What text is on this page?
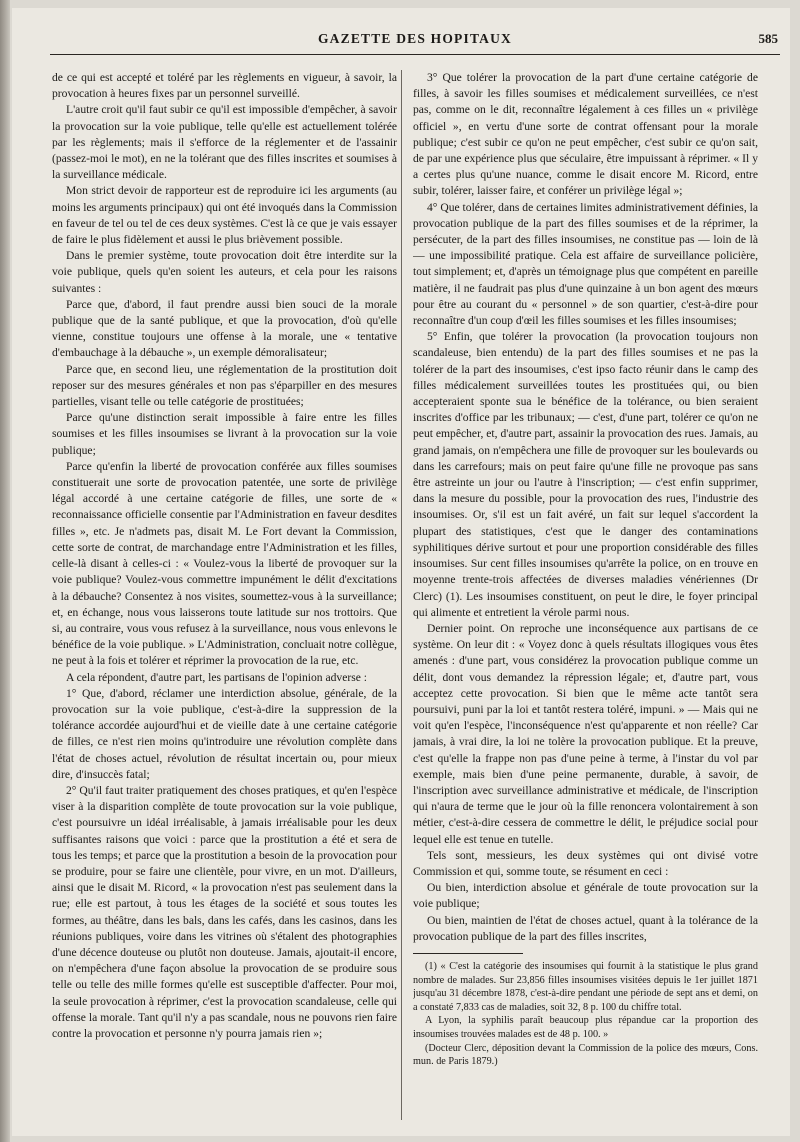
GAZETTE DES HOPITAUX	585

de ce qui est accepté et toléré par les règlements en vigueur, à savoir, la provocation à heures fixes par un personnel surveillé.

L'autre croit qu'il faut subir ce qu'il est impossible d'empêcher, à savoir la provocation sur la voie publique, telle qu'elle est actuellement tolérée par les règlements; mais il s'efforce de la réglementer et de l'assainir (passez-moi le mot), en ne la tolérant que des filles inscrites et soumises à la surveillance médicale.

Mon strict devoir de rapporteur est de reproduire ici les arguments (au moins les arguments principaux) qui ont été invoqués dans la Commission en faveur de tel ou tel de ces deux systèmes. C'est là ce que je vais essayer de faire le plus fidèlement et aussi le plus brièvement possible.

Dans le premier système, toute provocation doit être interdite sur la voie publique, quels qu'en soient les auteurs, et cela pour les raisons suivantes :

Parce que, d'abord, il faut prendre aussi bien souci de la morale publique que de la santé publique, et que la provocation, d'où qu'elle vienne, constitue toujours une offense à la morale, une « tentative d'embauchage à la débauche », un exemple démoralisateur;

Parce que, en second lieu, une réglementation de la prostitution doit reposer sur des mesures générales et non pas s'éparpiller en des mesures partielles, visant telle ou telle catégorie de prostituées;

Parce qu'une distinction serait impossible à faire entre les filles soumises et les filles insoumises se livrant à la provocation sur la voie publique;

Parce qu'enfin la liberté de provocation conférée aux filles soumises constituerait une sorte de provocation patentée, une sorte de privilège légal accordé à une certaine catégorie de filles, une sorte de « reconnaissance officielle consentie par l'Administration en faveur desdites filles », etc. Je n'admets pas, disait M. Le Fort devant la Commission, cette sorte de contrat, de marchandage entre l'Administration et les filles, celle-là disant à celles-ci : « Voulez-vous la liberté de provoquer sur la voie publique? Voulez-vous commettre impunément le délit d'excitations à la débauche? Consentez à nos visites, soumettez-vous à la surveillance; et, en échange, nous vous laisserons toute latitude sur nos trottoirs. Que si, au contraire, vous vous refusez à la surveillance, nous vous enlevons le bénéfice de la voie publique. » L'Administration, concluait notre collègue, ne peut à la fois et tolérer et réprimer la provocation de la rue, etc.

A cela répondent, d'autre part, les partisans de l'opinion adverse :

1° Que, d'abord, réclamer une interdiction absolue, générale, de la provocation sur la voie publique, c'est-à-dire la suppression de la tolérance accordée aujourd'hui et de vieille date à une certaine catégorie de filles, ce n'est rien moins qu'introduire une révolution complète dans l'état de choses actuel, révolution de résultat incertain ou, pour mieux dire, d'insuccès fatal;

2° Qu'il faut traiter pratiquement des choses pratiques, et qu'en l'espèce viser à la disparition complète de toute provocation sur la voie publique, c'est poursuivre un idéal irréalisable, à jamais irréalisable pour les deux suffisantes raisons que voici : parce que la prostitution a été et sera de tous les temps; et parce que la prostitution a besoin de la provocation pour se produire, pour se faire une clientèle, pour vivre, en un mot. D'ailleurs, ainsi que le disait M. Ricord, « la provocation n'est pas seulement dans la rue; elle est partout, à tous les étages de la société et sous toutes les formes, au théâtre, dans les bals, dans les cafés, dans les casinos, dans les réunions publiques, voire dans les vitrines où s'étalent des photographies d'une décence douteuse ou plutôt non douteuse. Jamais, ajoutait-il encore, on n'empêchera d'une façon absolue la provocation de se produire sous telle ou telle des mille formes qu'elle est susceptible d'affecter. Pour moi, la seule provocation à réprimer, c'est la provocation scandaleuse, celle qui offense la morale. Tant qu'il n'y a pas scandale, nous ne pouvons rien faire contre la provocation et personne n'y pourra jamais rien »;

3° Que tolérer la provocation de la part d'une certaine catégorie de filles, à savoir les filles soumises et médicalement surveillées, ce n'est pas, comme on le dit, reconnaître légalement à ces filles un « privilège officiel », en vertu d'une sorte de contrat offensant pour la morale publique; c'est subir ce qu'on ne peut empêcher, c'est subir ce qu'on sait, de par une expérience plus que séculaire, être impuissant à réprimer. « Il y a certes plus qu'une nuance, comme le disait encore M. Ricord, entre subir, tolérer, laisser faire, et conférer un privilège légal »;

4° Que tolérer, dans de certaines limites administrativement définies, la provocation publique de la part des filles soumises et de la réprimer, la persécuter, de la part des filles insoumises, ne constitue pas — loin de là — une impossibilité pratique. Cela est affaire de surveillance policière, tout simplement; et, d'après un témoignage plus que compétent en pareille matière, il ne faudrait pas plus d'une quinzaine à un bon agent des mœurs pour être au courant du « personnel » de son quartier, c'est-à-dire pour reconnaître d'un coup d'œil les filles soumises et les filles insoumises;

5° Enfin, que tolérer la provocation (la provocation toujours non scandaleuse, bien entendu) de la part des filles soumises et ne pas la tolérer de la part des insoumises, c'est ipso facto réunir dans le camp des filles médicalement surveillées toutes les prostituées qui, ou bien accepteraient sponte sua le bénéfice de la tolérance, ou bien seraient inscrites d'office par les tribunaux; — c'est, d'une part, tolérer ce qu'on ne peut empêcher, et, d'autre part, assainir la provocation des rues. Jamais, au grand jamais, on n'empêchera une fille de provoquer sur les boulevards ou dans les carrefours; mais on peut faire qu'une fille ne provoque pas sans être astreinte un jour ou l'autre à l'inscription; — c'est enfin supprimer, dans la mesure du possible, pour la provocation des rues, l'industrie des insoumises. Or, s'il est un fait avéré, un fait sur lequel s'accordent la plupart des statistiques, c'est que le danger des contaminations syphilitiques dérive surtout et pour une proportion considérable des filles insoumises. Sur cent filles insoumises qu'arrête la police, on en trouve en moyenne trente-trois affectées de diverses maladies vénériennes (Dr Clerc) (1). Les insoumises constituent, on peut le dire, le foyer principal qui alimente et entretient la vérole parmi nous.

Dernier point. On reproche une inconséquence aux partisans de ce système. On leur dit : « Voyez donc à quels résultats illogiques vous êtes amenés : d'une part, vous considérez la provocation publique comme un délit, dont vous demandez la répression légale; et, d'autre part, vous acceptez cette provocation. Si bien que le même acte tantôt sera poursuivi, puni par la loi et tantôt restera toléré, impuni. » — Mais qui ne voit qu'en l'espèce, l'inconséquence n'est qu'apparente et non réelle? Car jamais, à vrai dire, la loi ne tolère la provocation publique. Et la preuve, c'est qu'elle la frappe non pas d'une peine à terme, à l'instar du vol par exemple, mais bien d'une peine permanente, durable, à savoir, de l'inscription avec surveillance administrative et médicale, de l'inscription qui n'aura de terme que le jour où la fille renoncera volontairement à son métier, c'est-à-dire cessera de commettre le délit, le préjudice social pour lequel elle est tenue en tutelle.

Tels sont, messieurs, les deux systèmes qui ont divisé votre Commission et qui, somme toute, se résument en ceci :

Ou bien, interdiction absolue et générale de toute provocation sur la voie publique;

Ou bien, maintien de l'état de choses actuel, quant à la tolérance de la provocation publique de la part des filles inscrites,

(1) « C'est la catégorie des insoumises qui fournit à la statistique le plus grand nombre de malades. Sur 23,856 filles insoumises visitées depuis le 1er juillet 1871 jusqu'au 31 décembre 1878, c'est-à-dire pendant une période de sept ans et demi, on a constaté 7,833 cas de maladies, soit 32, 8 p. 100 du chiffre total.

A Lyon, la syphilis paraît beaucoup plus répandue car la proportion des insoumises trouvées malades est de 48 p. 100. »

(Docteur Clerc, déposition devant la Commission de la police des mœurs, Cons. mun. de Paris 1879.)
